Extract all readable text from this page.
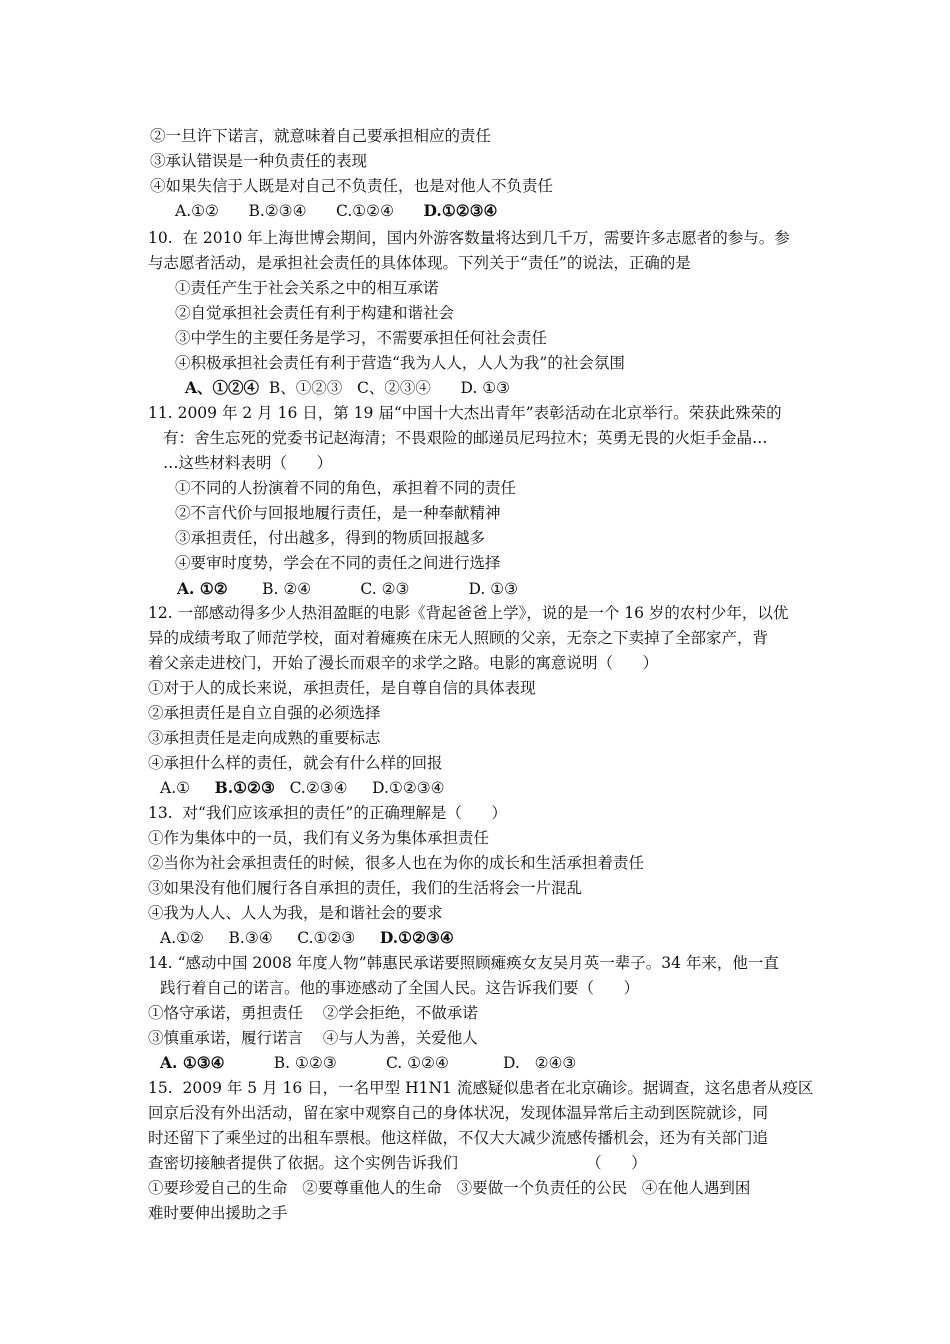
②一旦许下诺言，就意味着自己要承担相应的责任
③承认错误是一种负责任的表现
④如果失信于人既是对自己不负责任，也是对他人不负责任
A.①②      B.②③④      C.①②④      D.①②③④
10.  在 2010 年上海世博会期间，国内外游客数量将达到几千万，需要许多志愿者的参与。参
与志愿者活动，是承担社会责任的具体体现。下列关于“责任”的说法，正确的是
①责任产生于社会关系之中的相互承诺
②自觉承担社会责任有利于构建和谐社会
③中学生的主要任务是学习，不需要承担任何社会责任
④积极承担社会责任有利于营造“我为人人，人人为我”的社会氛围
A、①②④  B、①②③   C、②③④      D. ①③
11. 2009 年 2 月 16 日，第 19 届“中国十大杰出青年”表彰活动在北京举行。荣获此殊荣的
有：舍生忘死的党委书记赵海清；不畏艰险的邮递员尼玛拉木；英勇无畏的火炬手金晶…
…这些材料表明（      ）
①不同的人扮演着不同的角色，承担着不同的责任
②不言代价与回报地履行责任，是一种奉献精神
③承担责任，付出越多，得到的物质回报越多
④要审时度势，学会在不同的责任之间进行选择
A. ①②       B. ②④          C. ②③            D. ①③
12. 一部感动得多少人热泪盈眶的电影《背起爸爸上学》，说的是一个 16 岁的农村少年，以优
异的成绩考取了师范学校，面对着瘫痪在床无人照顾的父亲，无奈之下卖掉了全部家产，背
着父亲走进校门，开始了漫长而艰辛的求学之路。电影的寓意说明（      ）
①对于人的成长来说，承担责任，是自尊自信的具体表现
②承担责任是自立自强的必须选择
③承担责任是走向成熟的重要标志
④承担什么样的责任，就会有什么样的回报
A.①     B.①②③   C.②③④     D.①②③④
13.  对“我们应该承担的责任”的正确理解是（      ）
①作为集体中的一员，我们有义务为集体承担责任
②当你为社会承担责任的时候，很多人也在为你的成长和生活承担着责任
③如果没有他们履行各自承担的责任，我们的生活将会一片混乱
④我为人人、人人为我，是和谐社会的要求
A.①②     B.③④     C.①②③     D.①②③④
14. “感动中国 2008 年度人物”韩惠民承诺要照顾瘫痪女友吴月英一辈子。34 年来，他一直
践行着自己的诺言。他的事迹感动了全国人民。这告诉我们要（      ）
①恪守承诺，勇担责任    ②学会拒绝，不做承诺
③慎重承诺，履行诺言    ④与人为善，关爱他人
A. ①③④          B. ①②③          C. ①②④           D.   ②④③
15.  2009 年 5 月 16 日，一名甲型 H1N1 流感疑似患者在北京确诊。据调查，这名患者从疫区
回京后没有外出活动，留在家中观察自己的身体状况，发现体温异常后主动到医院就诊，同
时还留下了乘坐过的出租车票根。他这样做，不仅大大减少流感传播机会，还为有关部门追
查密切接触者提供了依据。这个实例告诉我们                          （      ）
①要珍爱自己的生命   ②要尊重他人的生命   ③要做一个负责任的公民   ④在他人遇到困
难时要伸出援助之手
